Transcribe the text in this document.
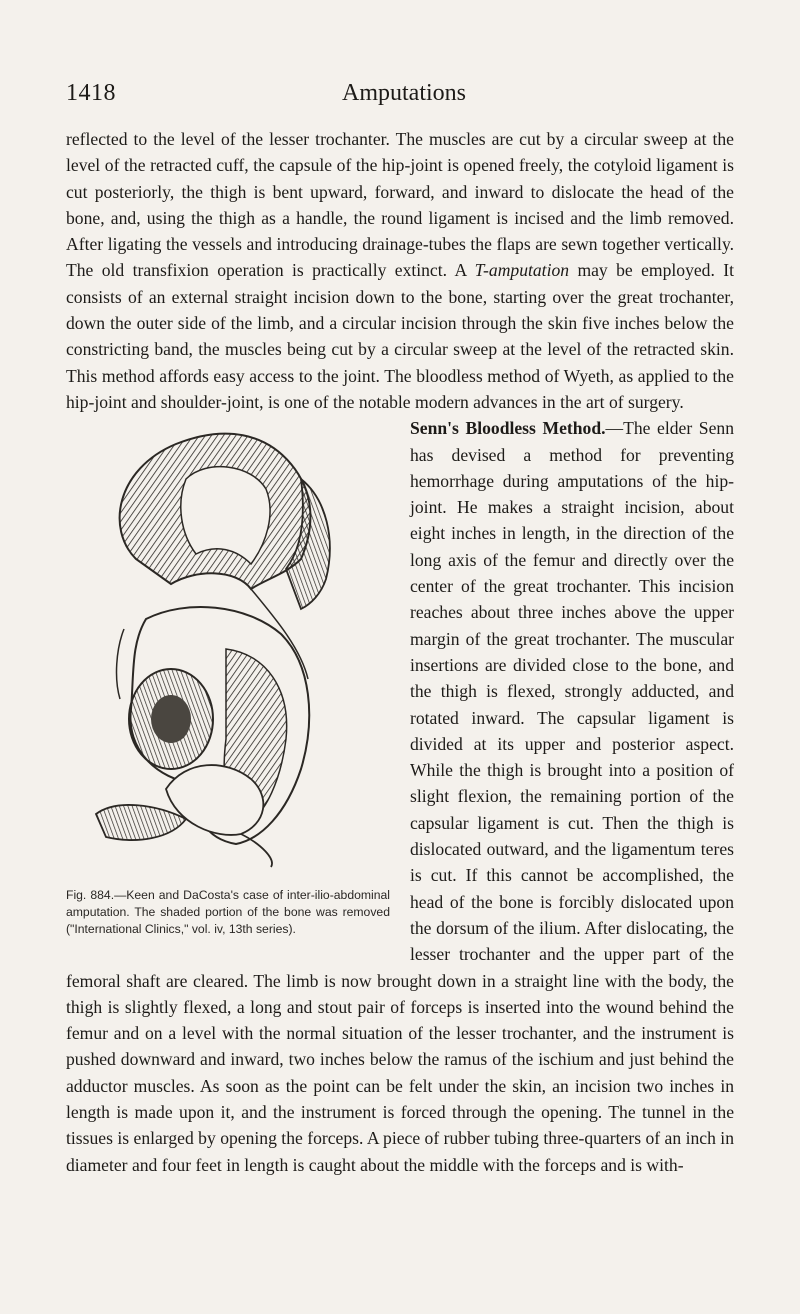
1418	Amputations

reflected to the level of the lesser trochanter. The muscles are cut by a circular sweep at the level of the retracted cuff, the capsule of the hip-joint is opened freely, the cotyloid ligament is cut posteriorly, the thigh is bent upward, forward, and inward to dislocate the head of the bone, and, using the thigh as a handle, the round ligament is incised and the limb removed. After ligating the vessels and introducing drainage-tubes the flaps are sewn together vertically. The old transfixion operation is practically extinct. A T-amputation may be employed. It consists of an external straight incision down to the bone, starting over the great trochanter, down the outer side of the limb, and a circular incision through the skin five inches below the constricting band, the muscles being cut by a circular sweep at the level of the retracted skin. This method affords easy access to the joint. The bloodless method of Wyeth, as applied to the hip-joint and shoulder-joint, is one of the notable modern advances in the art of surgery.

Fig. 884.—Keen and DaCosta's case of inter-ilio-abdominal amputation. The shaded portion of the bone was removed ("International Clinics," vol. iv, 13th series).

Senn's Bloodless Method.—The elder Senn has devised a method for preventing hemorrhage during amputations of the hip-joint. He makes a straight incision, about eight inches in length, in the direction of the long axis of the femur and directly over the center of the great trochanter. This incision reaches about three inches above the upper margin of the great trochanter. The muscular insertions are divided close to the bone, and the thigh is flexed, strongly adducted, and rotated inward. The capsular ligament is divided at its upper and posterior aspect. While the thigh is brought into a position of slight flexion, the remaining portion of the capsular ligament is cut. Then the thigh is dislocated outward, and the ligamentum teres is cut. If this cannot be accomplished, the head of the bone is forcibly dislocated upon the dorsum of the ilium. After dislocating, the lesser trochanter and the upper part of the femoral shaft are cleared. The limb is now brought down in a straight line with the body, the thigh is slightly flexed, a long and stout pair of forceps is inserted into the wound behind the femur and on a level with the normal situation of the lesser trochanter, and the instrument is pushed downward and inward, two inches below the ramus of the ischium and just behind the adductor muscles. As soon as the point can be felt under the skin, an incision two inches in length is made upon it, and the instrument is forced through the opening. The tunnel in the tissues is enlarged by opening the forceps. A piece of rubber tubing three-quarters of an inch in diameter and four feet in length is caught about the middle with the forceps and is with-
